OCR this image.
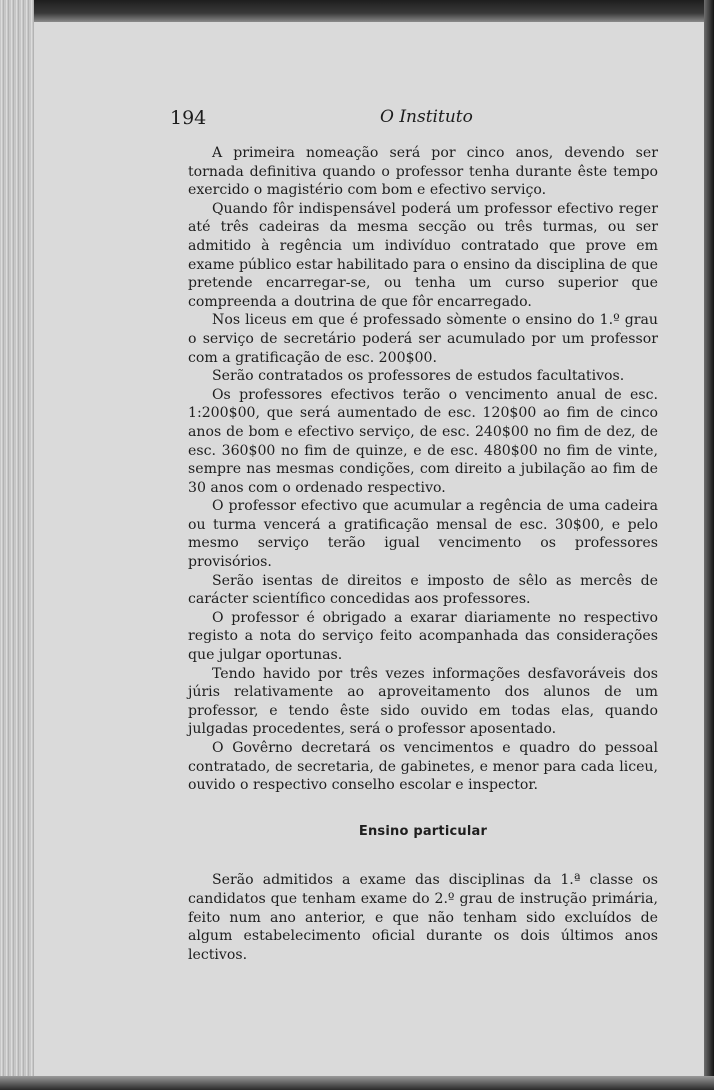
194	O Instituto

A primeira nomeação será por cinco anos, devendo ser tornada definitiva quando o professor tenha durante êste tempo exercido o magistério com bom e efectivo serviço.

Quando fôr indispensável poderá um professor efectivo reger até três cadeiras da mesma secção ou três turmas, ou ser admitido à regência um indivíduo contratado que prove em exame público estar habilitado para o ensino da disciplina de que pretende encarregar-se, ou tenha um curso superior que compreenda a doutrina de que fôr encarregado.

Nos liceus em que é professado sòmente o ensino do 1.º grau o serviço de secretário poderá ser acumulado por um professor com a gratificação de esc. 200$00.

Serão contratados os professores de estudos facultativos.

Os professores efectivos terão o vencimento anual de esc. 1:200$00, que será aumentado de esc. 120$00 ao fim de cinco anos de bom e efectivo serviço, de esc. 240$00 no fim de dez, de esc. 360$00 no fim de quinze, e de esc. 480$00 no fim de vinte, sempre nas mesmas condições, com direito a jubilação ao fim de 30 anos com o ordenado respectivo.

O professor efectivo que acumular a regência de uma cadeira ou turma vencerá a gratificação mensal de esc. 30$00, e pelo mesmo serviço terão igual vencimento os professores provisórios.

Serão isentas de direitos e imposto de sêlo as mercês de carácter scientífico concedidas aos professores.

O professor é obrigado a exarar diariamente no respectivo registo a nota do serviço feito acompanhada das considerações que julgar oportunas.

Tendo havido por três vezes informações desfavoráveis dos júris relativamente ao aproveitamento dos alunos de um professor, e tendo êste sido ouvido em todas elas, quando julgadas procedentes, será o professor aposentado.

O Govêrno decretará os vencimentos e quadro do pessoal contratado, de secretaria, de gabinetes, e menor para cada liceu, ouvido o respectivo conselho escolar e inspector.

Ensino particular

Serão admitidos a exame das disciplinas da 1.ª classe os candidatos que tenham exame do 2.º grau de instrução primária, feito num ano anterior, e que não tenham sido excluídos de algum estabelecimento oficial durante os dois últimos anos lectivos.
